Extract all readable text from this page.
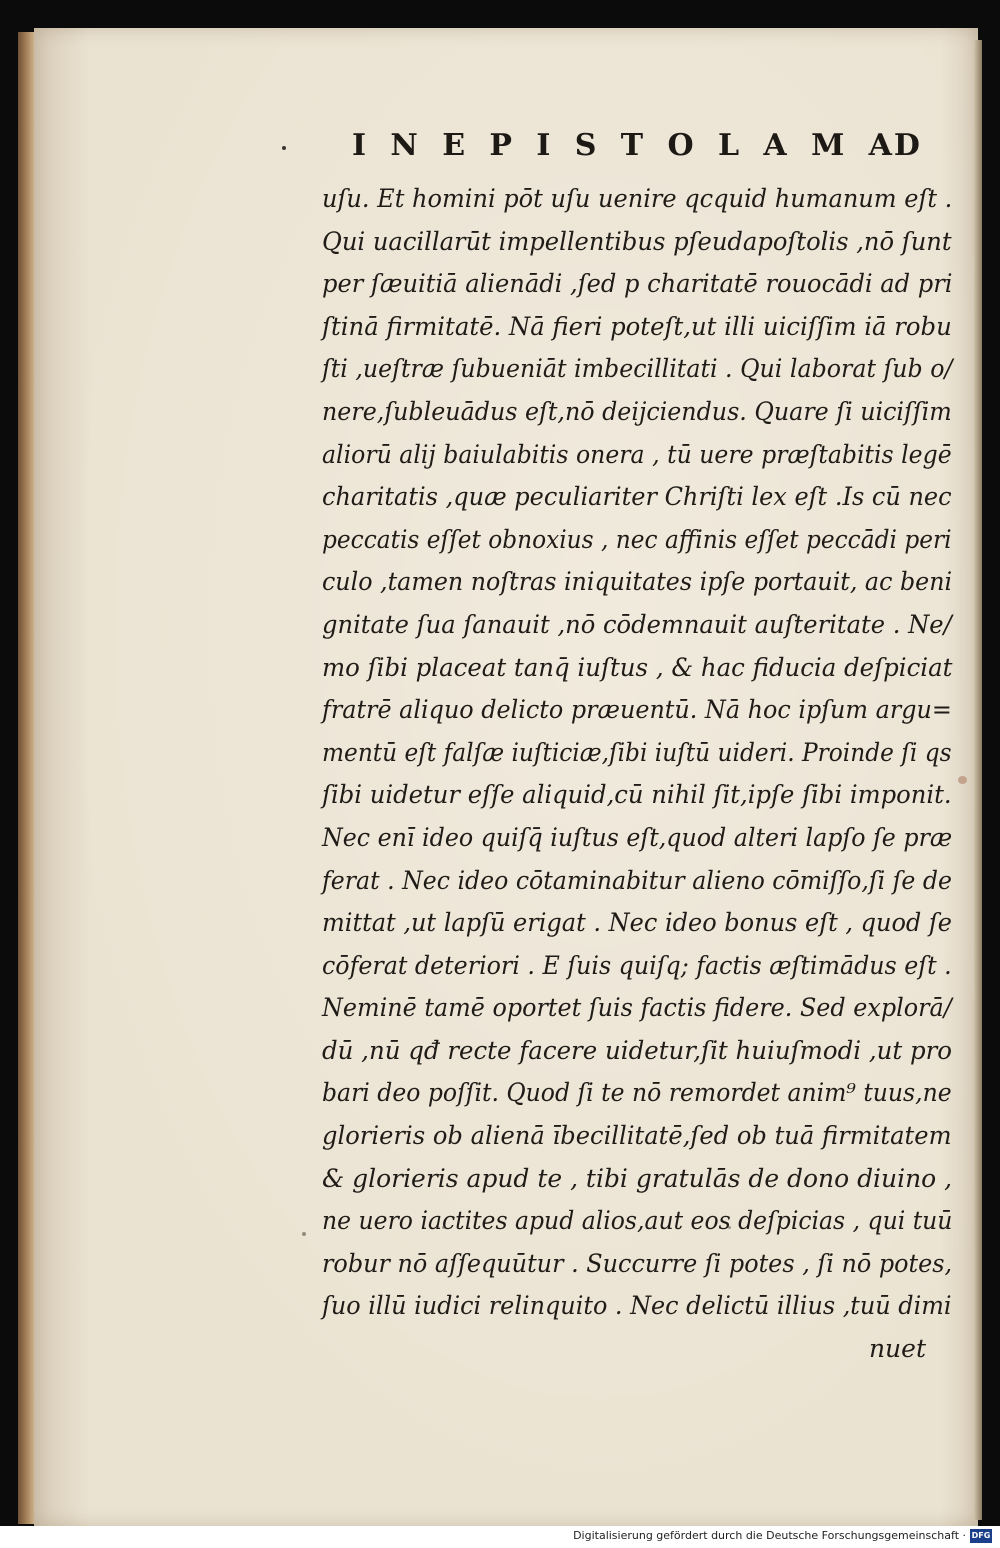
I N E P I S T O L A M AD
uſu. Et homini pōt uſu uenire qcquid humanum eſt .
Qui uacillarūt impellentibus pſeudapoſtolis ,nō ſunt
per ſæuitiā alienādi ,ſed p charitatē rouocādi ad pri
ſtinā firmitatē. Nā fieri poteſt,ut illi uiciſſim iā robu
ſti ,ueſtræ ſubueniāt imbecillitati . Qui laborat ſub o/
nere,ſubleuādus eſt,nō deijciendus. Quare ſi uiciſſim
aliorū alij baiulabitis onera , tū uere præſtabitis legē
charitatis ,quæ peculiariter Chriſti lex eſt .Is cū nec
peccatis eſſet obnoxius , nec affinis eſſet peccādi peri
culo ,tamen noſtras iniquitates ipſe portauit, ac beni
gnitate ſua ſanauit ,nō cōdemnauit auſteritate . Ne/
mo ſibi placeat tanq̄ iuſtus , & hac fiducia deſpiciat
fratrē aliquo delicto præuentū. Nā hoc ipſum argu=
mentū eſt falſæ iuſticiæ,ſibi iuſtū uideri. Proinde ſi qs
ſibi uidetur eſſe aliquid,cū nihil ſit,ipſe ſibi imponit.
Nec enī ideo quiſq̄ iuſtus eſt,quod alteri lapſo ſe præ
ferat . Nec ideo cōtaminabitur alieno cōmiſſo,ſi ſe de
mittat ,ut lapſū erigat . Nec ideo bonus eſt , quod ſe
cōferat deteriori . E ſuis quiſq; factis æſtimādus eſt .
Neminē tamē oportet ſuis factis fidere. Sed explorā/
dū ,nū qđ recte facere uidetur,ſit huiuſmodi ,ut pro
bari deo poſſit. Quod ſi te nō remordet anim⁹ tuus,ne
glorieris ob alienā ībecillitatē,ſed ob tuā firmitatem
& glorieris apud te , tibi gratulās de dono diuino ,
ne uero iactites apud alios,aut eos deſpicias , qui tuū
robur nō aſſequūtur . Succurre ſi potes , ſi nō potes,
ſuo illū iudici relinquito . Nec delictū illius ,tuū dimi
nuet
Digitalisierung gefördert durch die Deutsche Forschungsgemeinschaft · DFG
